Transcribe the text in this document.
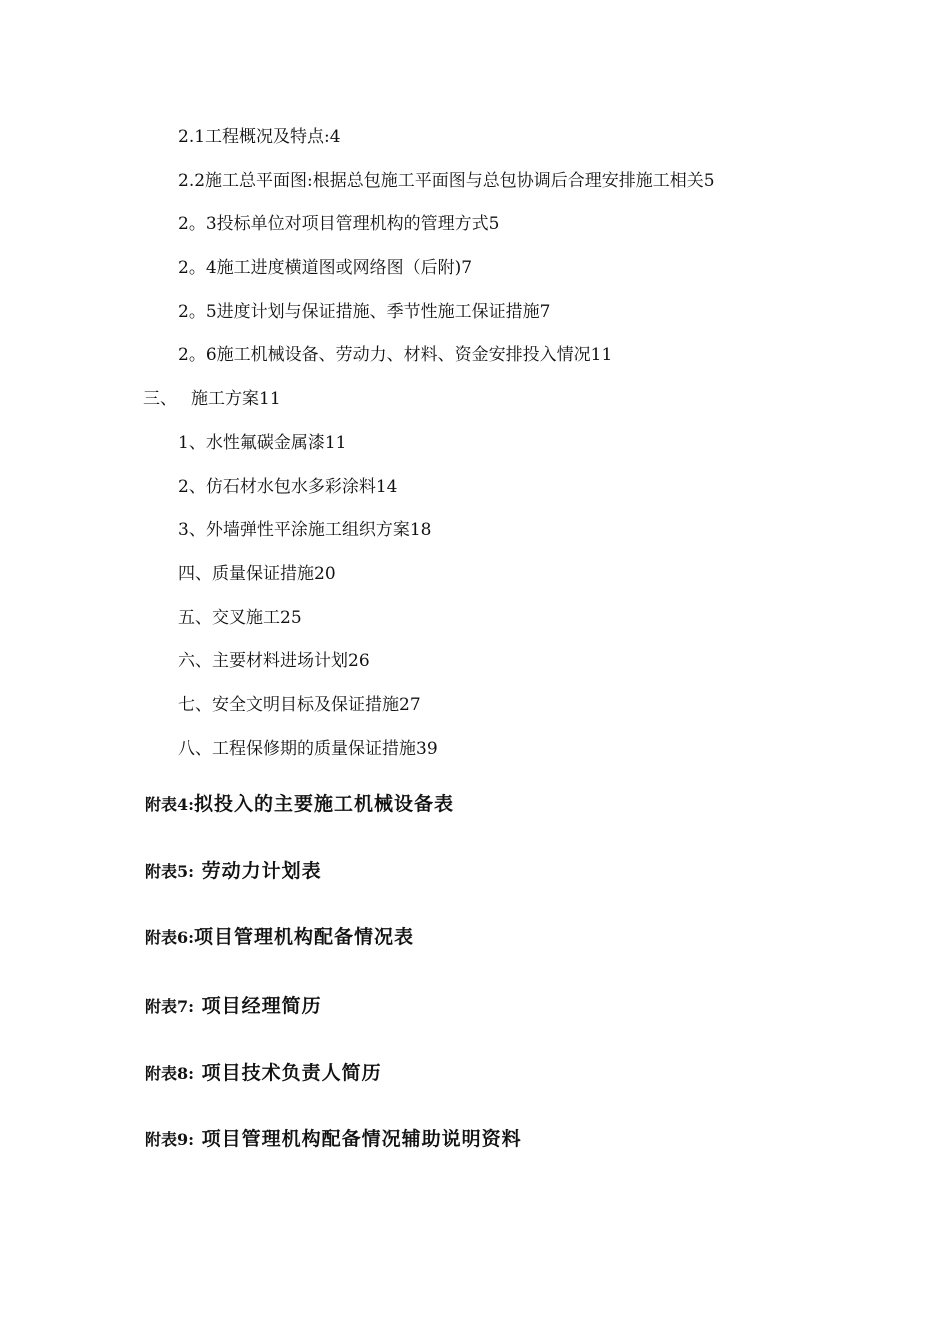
2.1工程概况及特点:4
2.2施工总平面图:根据总包施工平面图与总包协调后合理安排施工相关5
2。3投标单位对项目管理机构的管理方式5
2。4施工进度横道图或网络图（后附)7
2。5进度计划与保证措施、季节性施工保证措施7
2。6施工机械设备、劳动力、材料、资金安排投入情况11
三、 施工方案11
1、水性氟碳金属漆11
2、仿石材水包水多彩涂料14
3、外墙弹性平涂施工组织方案18
四、质量保证措施20
五、交叉施工25
六、主要材料进场计划26
七、安全文明目标及保证措施27
八、工程保修期的质量保证措施39
附表4:拟投入的主要施工机械设备表
附表5: 劳动力计划表
附表6:项目管理机构配备情况表
附表7: 项目经理简历
附表8: 项目技术负责人简历
附表9: 项目管理机构配备情况辅助说明资料
